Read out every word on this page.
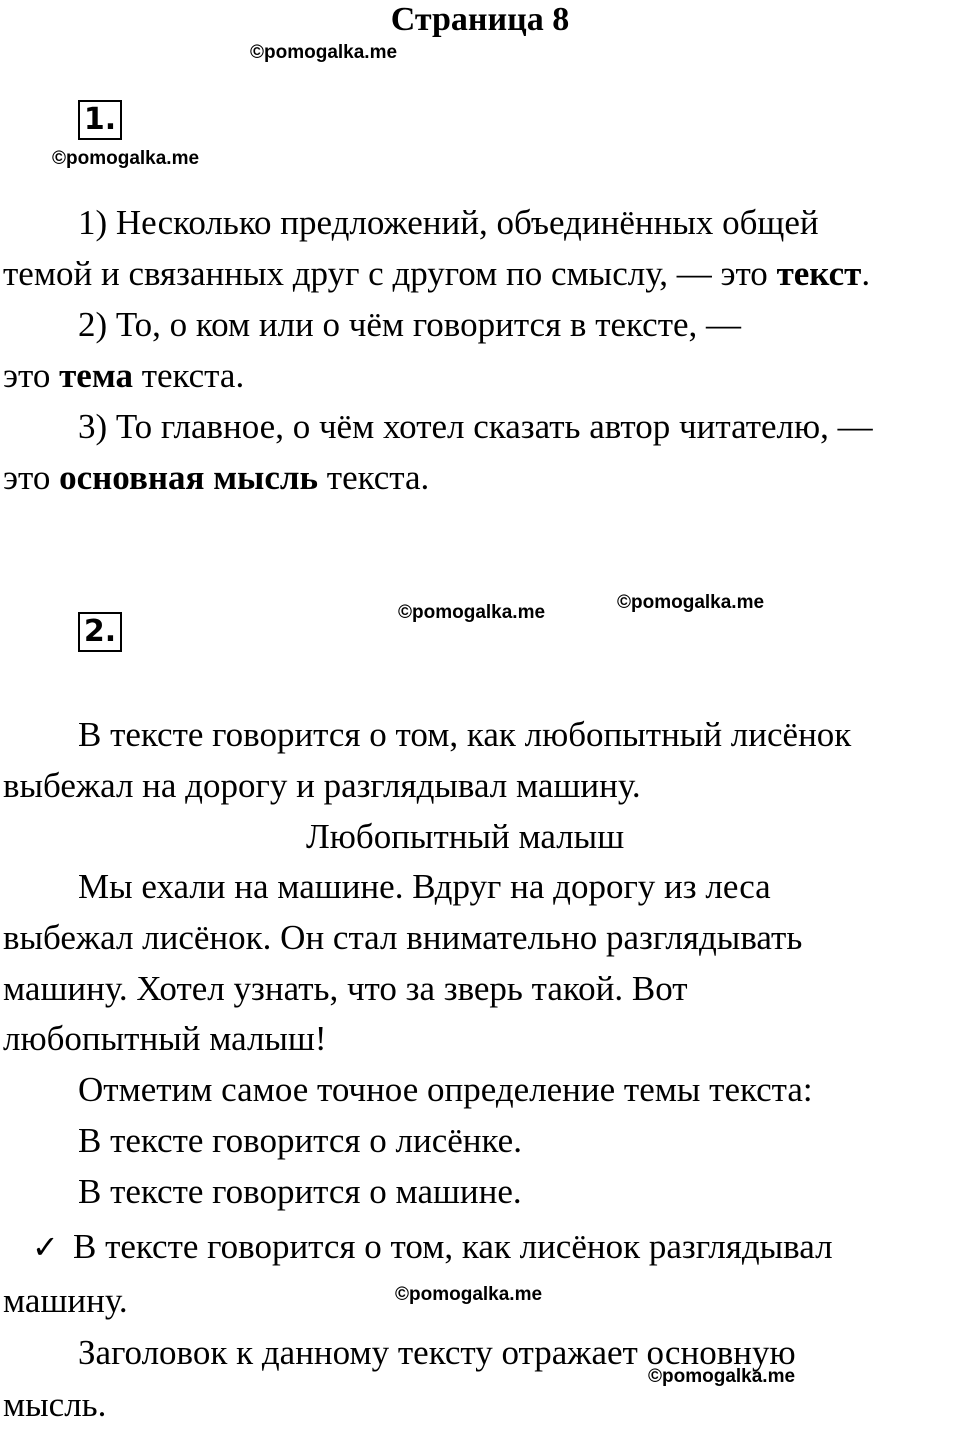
Страница 8
©pomogalka.me
1.
©pomogalka.me
1) Несколько предложений, объединённых общей
темой и связанных друг с другом по смыслу, — это текст.
2) То, о ком или о чём говорится в тексте, —
это тема текста.
3) То главное, о чём хотел сказать автор читателю, —
это основная мысль текста.
2.
©pomogalka.me	©pomogalka.me
В тексте говорится о том, как любопытный лисёнок
выбежал на дорогу и разглядывал машину.
Любопытный малыш
Мы ехали на машине. Вдруг на дорогу из леса
выбежал лисёнок. Он стал внимательно разглядывать
машину. Хотел узнать, что за зверь такой. Вот
любопытный малыш!
Отметим самое точное определение темы текста:
В тексте говорится о лисёнке.
В тексте говорится о машине.
✓ В тексте говорится о том, как лисёнок разглядывал
машину.	©pomogalka.me
Заголовок к данному тексту отражает основную
©pomogalka.me
мысль.
